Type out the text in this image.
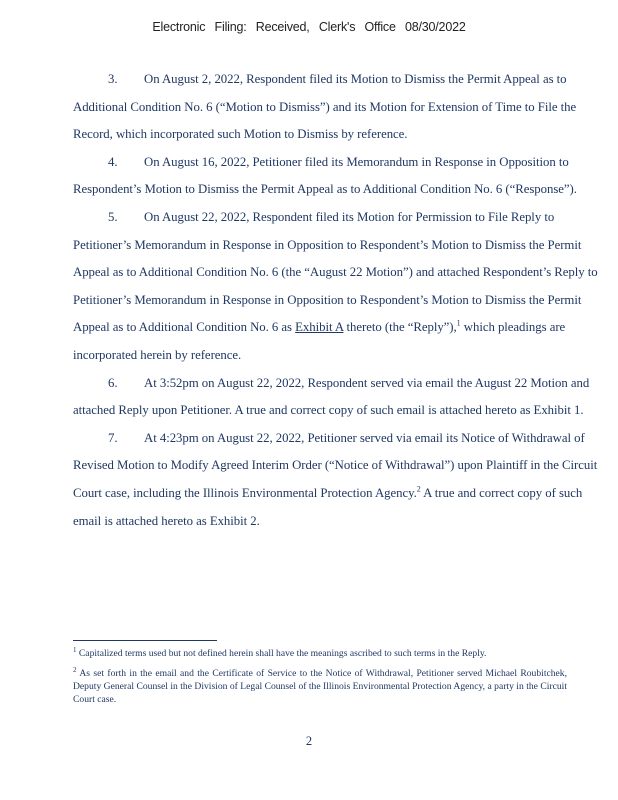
Electronic Filing: Received, Clerk's Office 08/30/2022

3. On August 2, 2022, Respondent filed its Motion to Dismiss the Permit Appeal as to Additional Condition No. 6 (“Motion to Dismiss”) and its Motion for Extension of Time to File the Record, which incorporated such Motion to Dismiss by reference.

4. On August 16, 2022, Petitioner filed its Memorandum in Response in Opposition to Respondent’s Motion to Dismiss the Permit Appeal as to Additional Condition No. 6 (“Response”).

5. On August 22, 2022, Respondent filed its Motion for Permission to File Reply to Petitioner’s Memorandum in Response in Opposition to Respondent’s Motion to Dismiss the Permit Appeal as to Additional Condition No. 6 (the “August 22 Motion”) and attached Respondent’s Reply to Petitioner’s Memorandum in Response in Opposition to Respondent’s Motion to Dismiss the Permit Appeal as to Additional Condition No. 6 as Exhibit A thereto (the “Reply”),$^1$ which pleadings are incorporated herein by reference.

6. At 3:52pm on August 22, 2022, Respondent served via email the August 22 Motion and attached Reply upon Petitioner. A true and correct copy of such email is attached hereto as Exhibit 1.

7. At 4:23pm on August 22, 2022, Petitioner served via email its Notice of Withdrawal of Revised Motion to Modify Agreed Interim Order (“Notice of Withdrawal”) upon Plaintiff in the Circuit Court case, including the Illinois Environmental Protection Agency.$^2$ A true and correct copy of such email is attached hereto as Exhibit 2.

$^1$ Capitalized terms used but not defined herein shall have the meanings ascribed to such terms in the Reply.

$^2$ As set forth in the email and the Certificate of Service to the Notice of Withdrawal, Petitioner served Michael Roubitchek, Deputy General Counsel in the Division of Legal Counsel of the Illinois Environmental Protection Agency, a party in the Circuit Court case.

2
